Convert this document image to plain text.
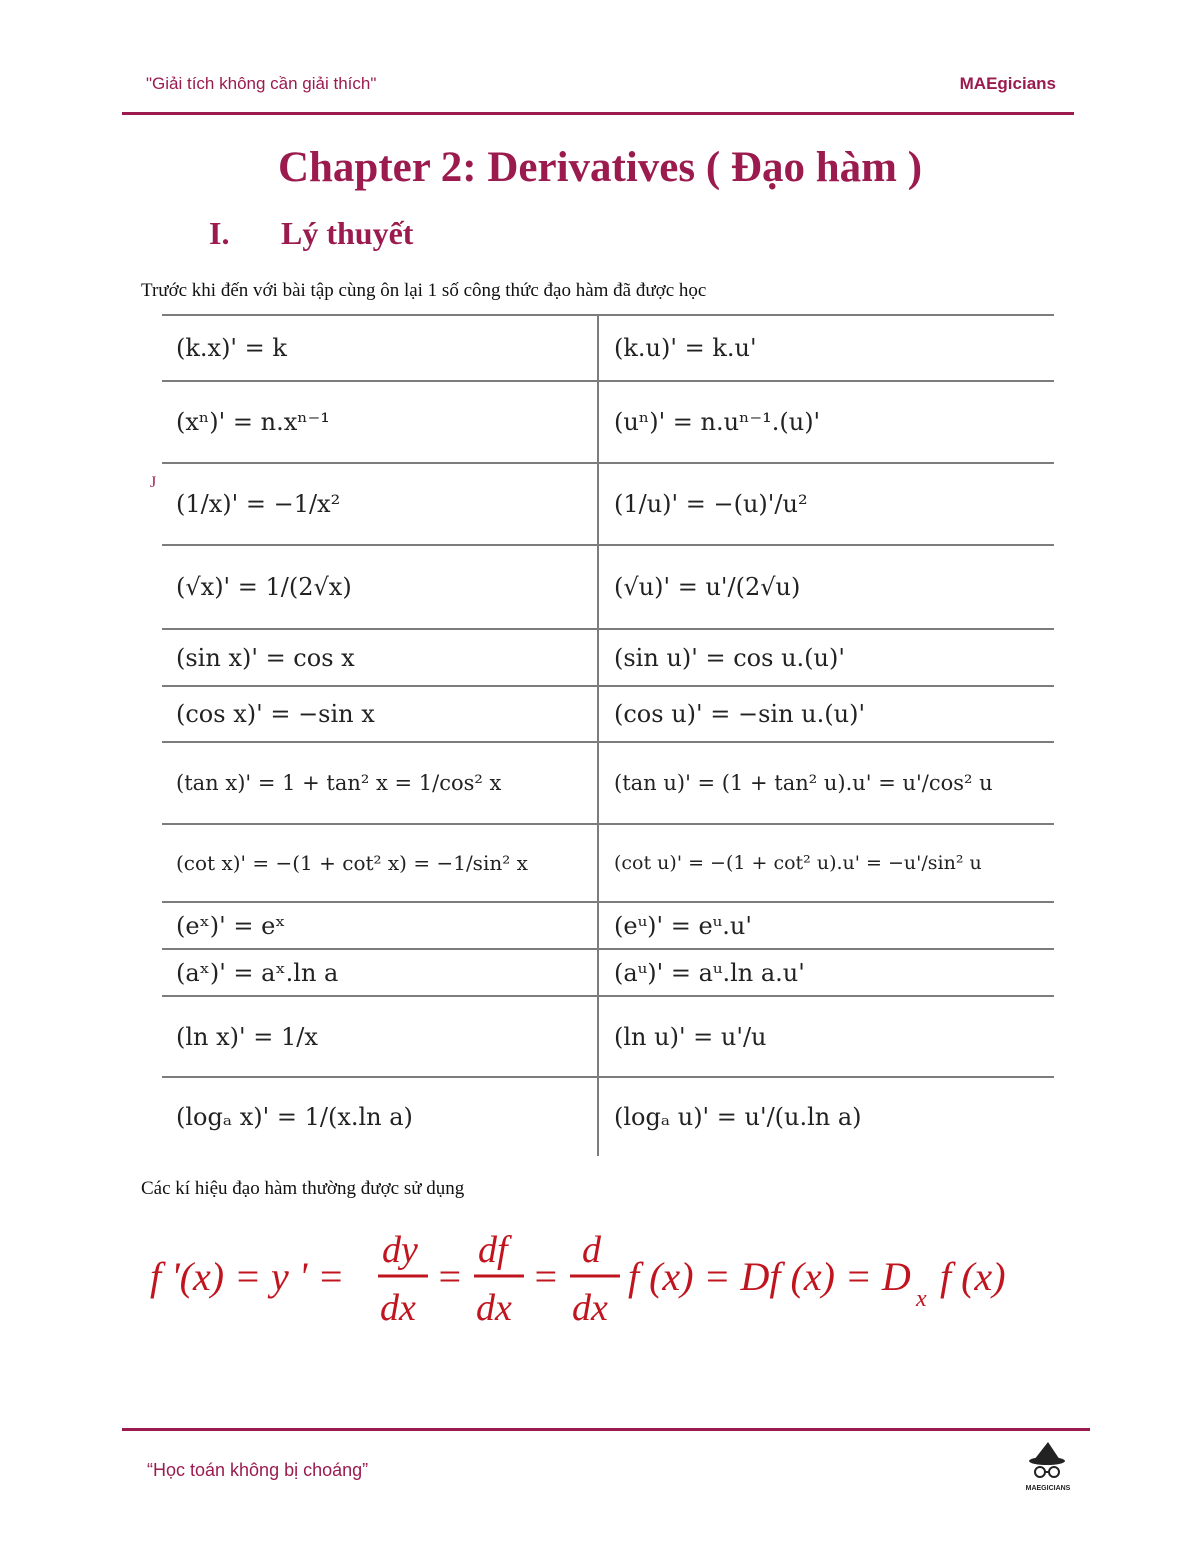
"Giải tích không cần giải thích"	MAEgicians
Chapter 2: Derivatives ( Đạo hàm )
I. Lý thuyết
Trước khi đến với bài tập cùng ôn lại 1 số công thức đạo hàm đã được học
J
(k.x)' = k	(k.u)' = k.u'
(xⁿ)' = n.xⁿ⁻¹	(uⁿ)' = n.uⁿ⁻¹.(u)'
(1/x)' = −1/x²	(1/u)' = −(u)'/u²
(√x)' = 1/(2√x)	(√u)' = u'/(2√u)
(sin x)' = cos x	(sin u)' = cos u.(u)'
(cos x)' = −sin x	(cos u)' = −sin u.(u)'
(tan x)' = 1 + tan² x = 1/cos² x	(tan u)' = (1 + tan² u).u' = u'/cos² u
(cot x)' = −(1 + cot² x) = −1/sin² x	(cot u)' = −(1 + cot² u).u' = −u'/sin² u
(eˣ)' = eˣ	(eᵘ)' = eᵘ.u'
(aˣ)' = aˣ.ln a	(aᵘ)' = aᵘ.ln a.u'
(ln x)' = 1/x	(ln u)' = u'/u
(logₐ x)' = 1/(x.ln a)	(logₐ u)' = u'/(u.ln a)
Các kí hiệu đạo hàm thường được sử dụng
f '(x) = y ' =
dy
dx
=
df
dx
=
d
dx
f (x) = Df (x) = D x f (x)
“Học toán không bị choáng”
MAEGICIANS
